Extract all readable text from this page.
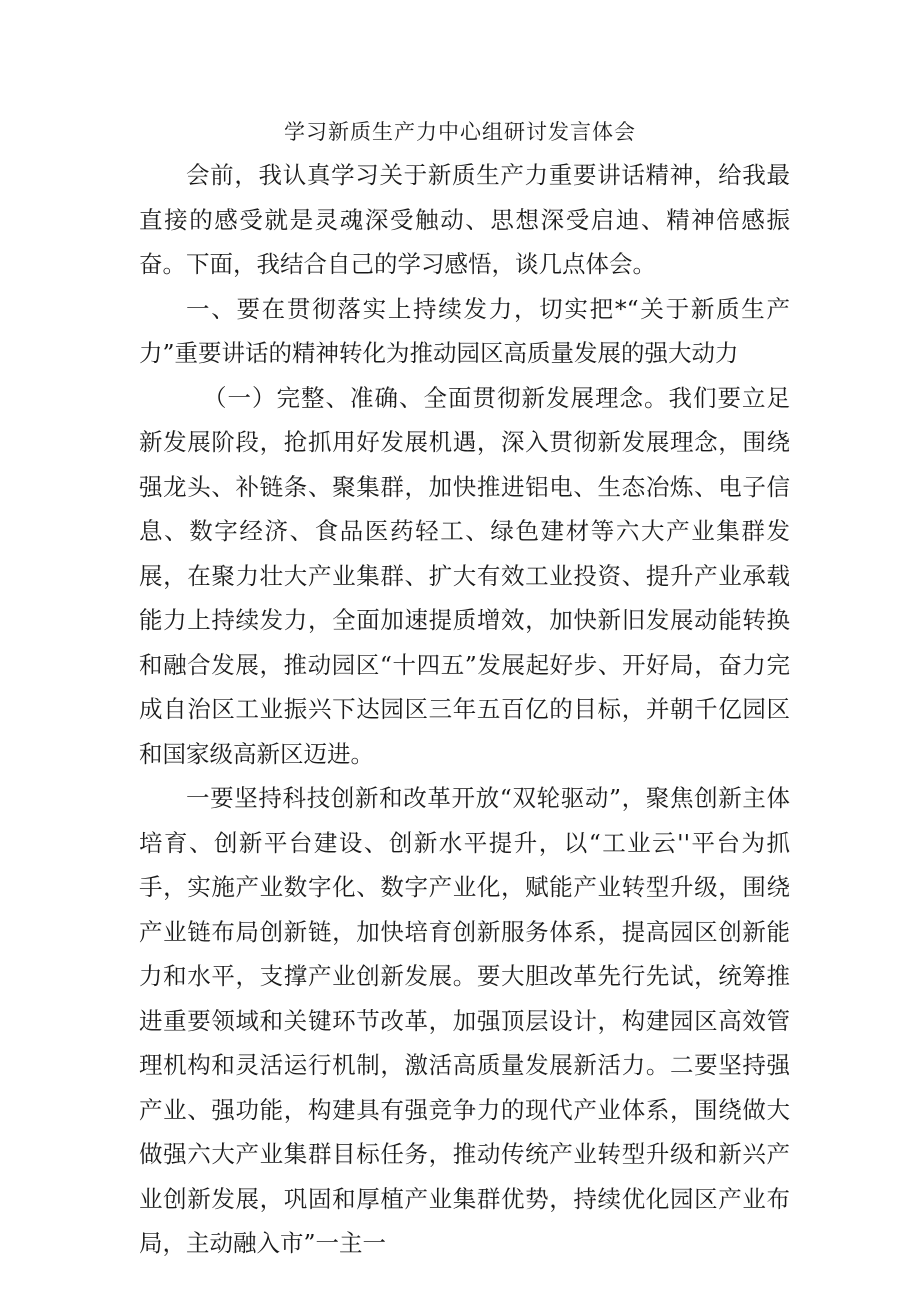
学习新质生产力中心组研讨发言体会

会前，我认真学习关于新质生产力重要讲话精神，给我最直接的感受就是灵魂深受触动、思想深受启迪、精神倍感振奋。下面，我结合自己的学习感悟，谈几点体会。

一、要在贯彻落实上持续发力，切实把*“关于新质生产力”重要讲话的精神转化为推动园区高质量发展的强大动力

（一）完整、准确、全面贯彻新发展理念。我们要立足新发展阶段，抢抓用好发展机遇，深入贯彻新发展理念，围绕强龙头、补链条、聚集群，加快推进铝电、生态冶炼、电子信息、数字经济、食品医药轻工、绿色建材等六大产业集群发展，在聚力壮大产业集群、扩大有效工业投资、提升产业承载能力上持续发力，全面加速提质增效，加快新旧发展动能转换和融合发展，推动园区“十四五”发展起好步、开好局，奋力完成自治区工业振兴下达园区三年五百亿的目标，并朝千亿园区和国家级高新区迈进。

一要坚持科技创新和改革开放“双轮驱动”，聚焦创新主体培育、创新平台建设、创新水平提升，以“工业云''平台为抓手，实施产业数字化、数字产业化，赋能产业转型升级，围绕产业链布局创新链，加快培育创新服务体系，提高园区创新能力和水平，支撑产业创新发展。要大胆改革先行先试，统筹推进重要领域和关键环节改革，加强顶层设计，构建园区高效管理机构和灵活运行机制，激活高质量发展新活力。二要坚持强产业、强功能，构建具有强竞争力的现代产业体系，围绕做大做强六大产业集群目标任务，推动传统产业转型升级和新兴产业创新发展，巩固和厚植产业集群优势，持续优化园区产业布局，主动融入市”一主一
